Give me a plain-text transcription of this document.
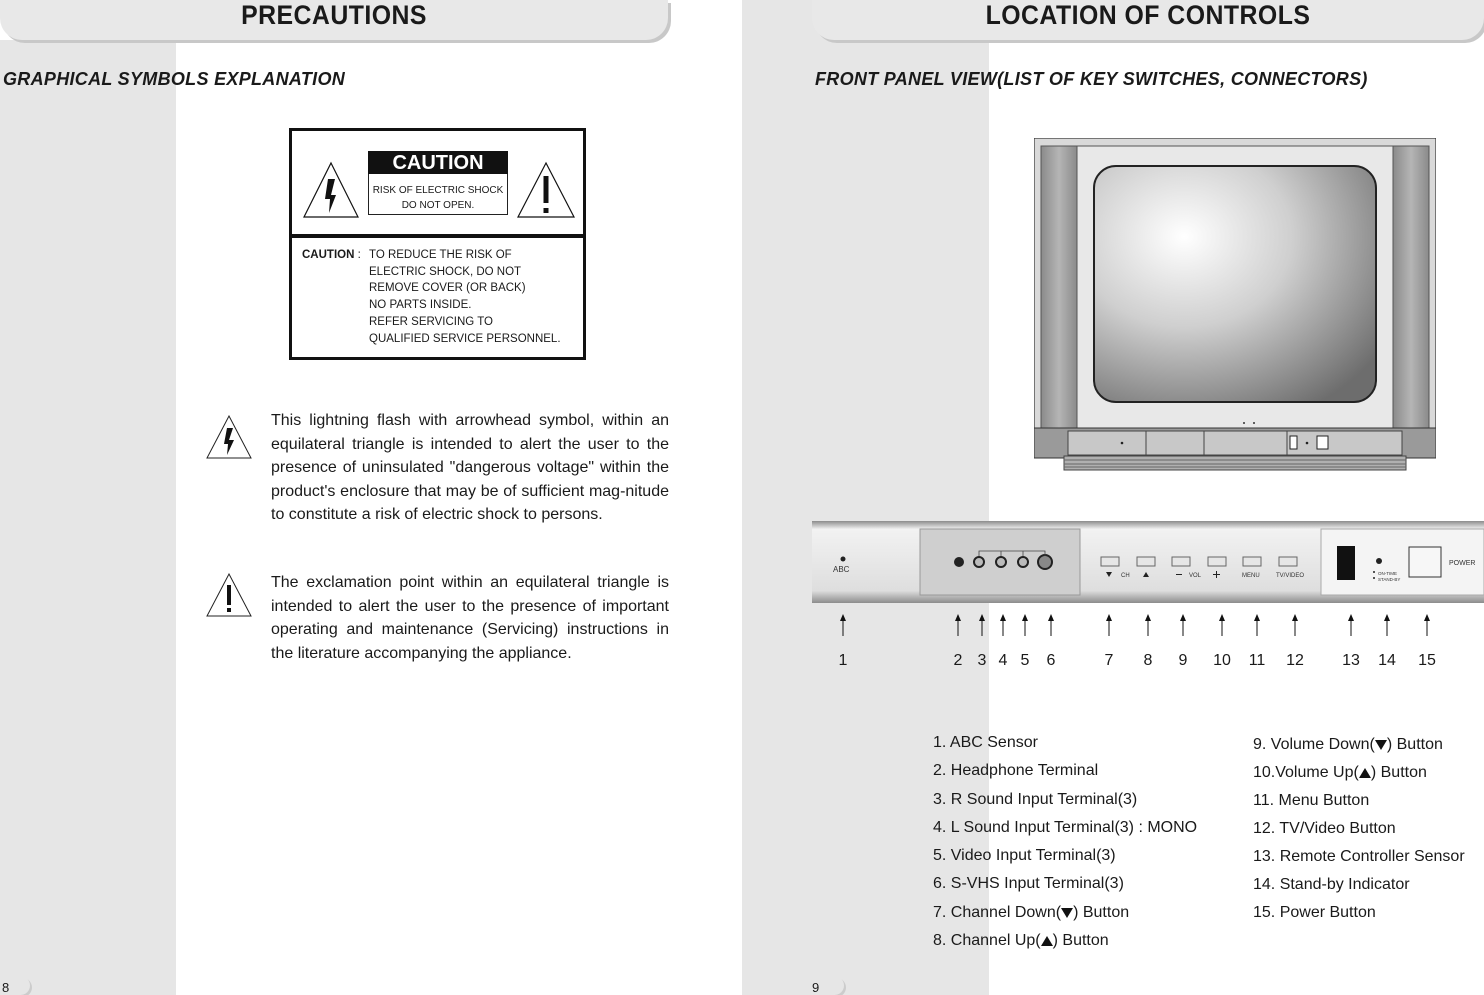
PRECAUTIONS
GRAPHICAL SYMBOLS EXPLANATION
CAUTION
RISK OF ELECTRIC SHOCK
DO NOT OPEN.
CAUTION : TO REDUCE THE RISK OF
ELECTRIC SHOCK, DO NOT
REMOVE COVER (OR BACK)
NO PARTS INSIDE.
REFER SERVICING TO
QUALIFIED SERVICE PERSONNEL.
This lightning flash with arrowhead symbol, within an equilateral triangle is intended to alert the user to the presence of uninsulated "dangerous voltage" within the product's enclosure that may be of sufficient mag-nitude to constitute a risk of electric shock to persons.
The exclamation point within an equilateral triangle is intended to alert the user to the presence of important operating and maintenance (Servicing) instructions in the literature accompanying the appliance.
8
LOCATION OF CONTROLS
FRONT PANEL VIEW(LIST OF KEY SWITCHES, CONNECTORS)
ABC
CH	VOL	MENU	TV/VIDEO	ON-TIME
STAND-BY
POWER
1	2 3 4 5	6	7	8	9	10 11 12 13 14 15
1. ABC Sensor
2. Headphone Terminal
3. R Sound Input Terminal(3)
4. L Sound Input Terminal(3) : MONO
5. Video Input Terminal(3)
6. S-VHS Input Terminal(3)
7. Channel Down( ) Button
8. Channel Up( ) Button
9. Volume Down( ) Button
10.Volume Up( ) Button
11. Menu Button
12. TV/Video Button
13. Remote Controller Sensor
14. Stand-by Indicator
15. Power Button
9
